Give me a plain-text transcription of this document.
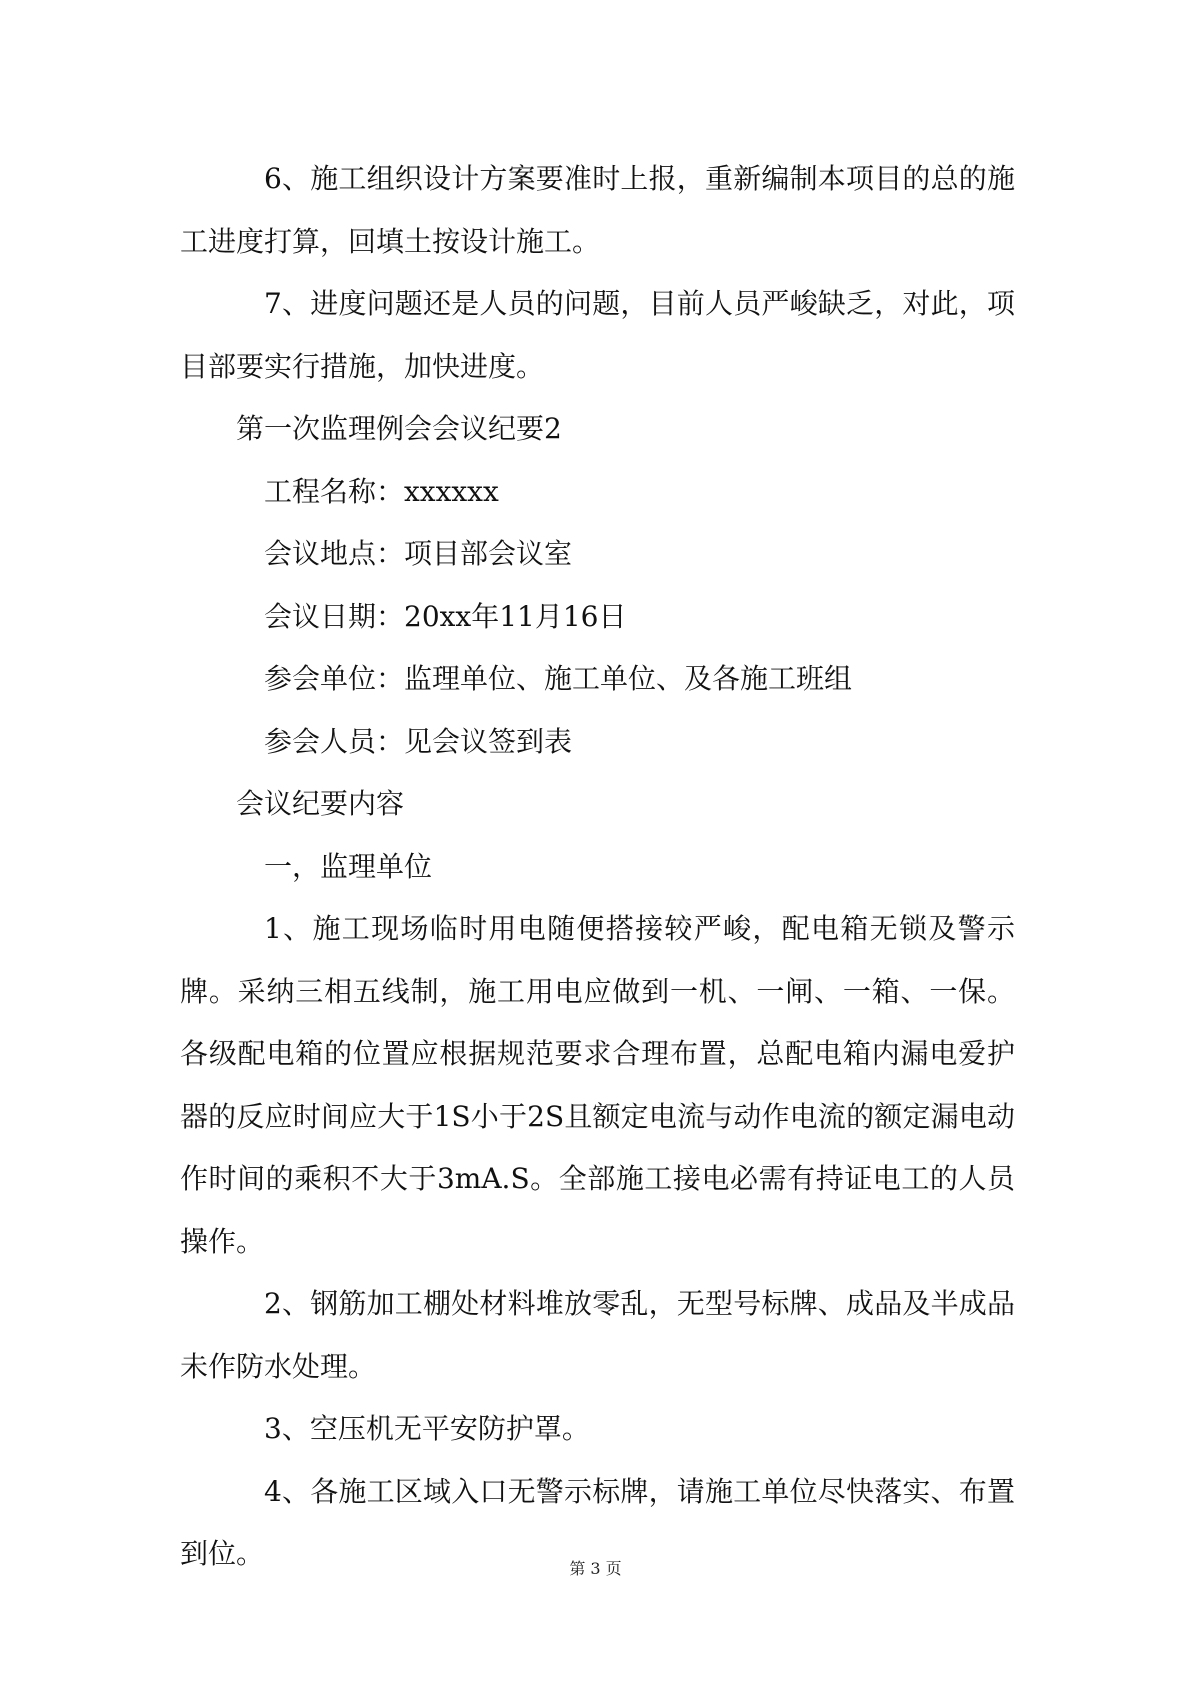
6、施工组织设计方案要准时上报，重新编制本项目的总的施工进度打算，回填土按设计施工。

7、进度问题还是人员的问题，目前人员严峻缺乏，对此，项目部要实行措施，加快进度。

第一次监理例会会议纪要2

工程名称：xxxxxx

会议地点：项目部会议室

会议日期：20xx年11月16日

参会单位：监理单位、施工单位、及各施工班组

参会人员：见会议签到表

会议纪要内容

一，监理单位

1、施工现场临时用电随便搭接较严峻，配电箱无锁及警示牌。采纳三相五线制，施工用电应做到一机、一闸、一箱、一保。各级配电箱的位置应根据规范要求合理布置，总配电箱内漏电爱护器的反应时间应大于1S小于2S且额定电流与动作电流的额定漏电动作时间的乘积不大于3mA.S。全部施工接电必需有持证电工的人员操作。

2、钢筋加工棚处材料堆放零乱，无型号标牌、成品及半成品未作防水处理。

3、空压机无平安防护罩。

4、各施工区域入口无警示标牌，请施工单位尽快落实、布置到位。	第 3 页
